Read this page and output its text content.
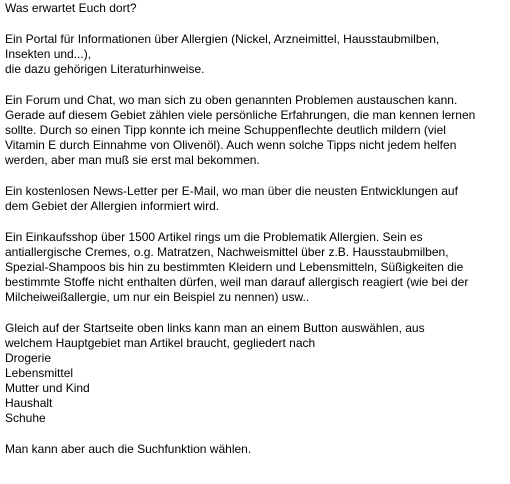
Was erwartet Euch dort?

Ein Portal für Informationen über Allergien (Nickel, Arzneimittel, Hausstaubmilben,
Insekten und...),
die dazu gehörigen Literaturhinweise.

Ein Forum und Chat, wo man sich zu oben genannten Problemen austauschen kann.
Gerade auf diesem Gebiet zählen viele persönliche Erfahrungen, die man kennen lernen
sollte. Durch so einen Tipp konnte ich meine Schuppenflechte deutlich mildern (viel
Vitamin E durch Einnahme von Olivenöl). Auch wenn solche Tipps nicht jedem helfen
werden, aber man muß sie erst mal bekommen.

Ein kostenlosen News-Letter per E-Mail, wo man über die neusten Entwicklungen auf
dem Gebiet der Allergien informiert wird.

Ein Einkaufsshop über 1500 Artikel rings um die Problematik Allergien. Sein es
antiallergische Cremes, o.g. Matratzen, Nachweismittel über z.B. Hausstaubmilben,
Spezial-Shampoos bis hin zu bestimmten Kleidern und Lebensmitteln, Süßigkeiten die
bestimmte Stoffe nicht enthalten dürfen, weil man darauf allergisch reagiert (wie bei der
Milcheiweißallergie, um nur ein Beispiel zu nennen) usw..

Gleich auf der Startseite oben links kann man an einem Button auswählen, aus
welchem Hauptgebiet man Artikel braucht, gegliedert nach
Drogerie
Lebensmittel
Mutter und Kind
Haushalt
Schuhe

Man kann aber auch die Suchfunktion wählen.
